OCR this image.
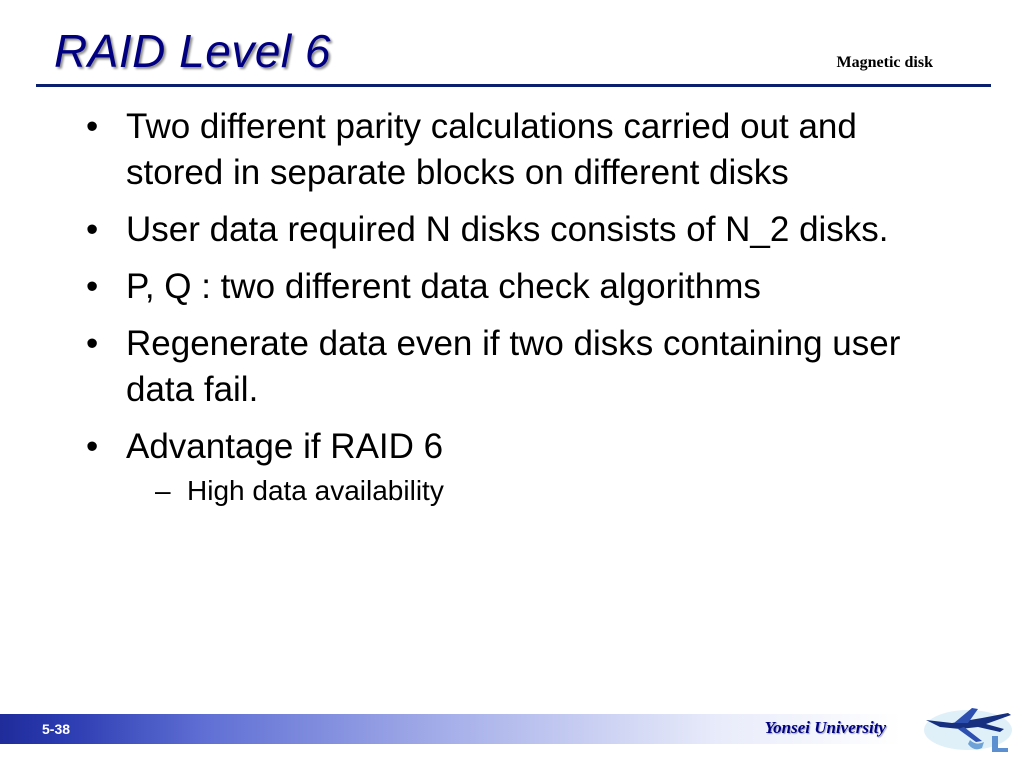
RAID Level 6	Magnetic disk
• Two different parity calculations carried out and stored in separate blocks on different disks
• User data required N disks consists of N_2 disks.
• P, Q : two different data check algorithms
• Regenerate data even if two disks containing user data fail.
• Advantage if RAID 6
– High data availability
5-38	Yonsei University
